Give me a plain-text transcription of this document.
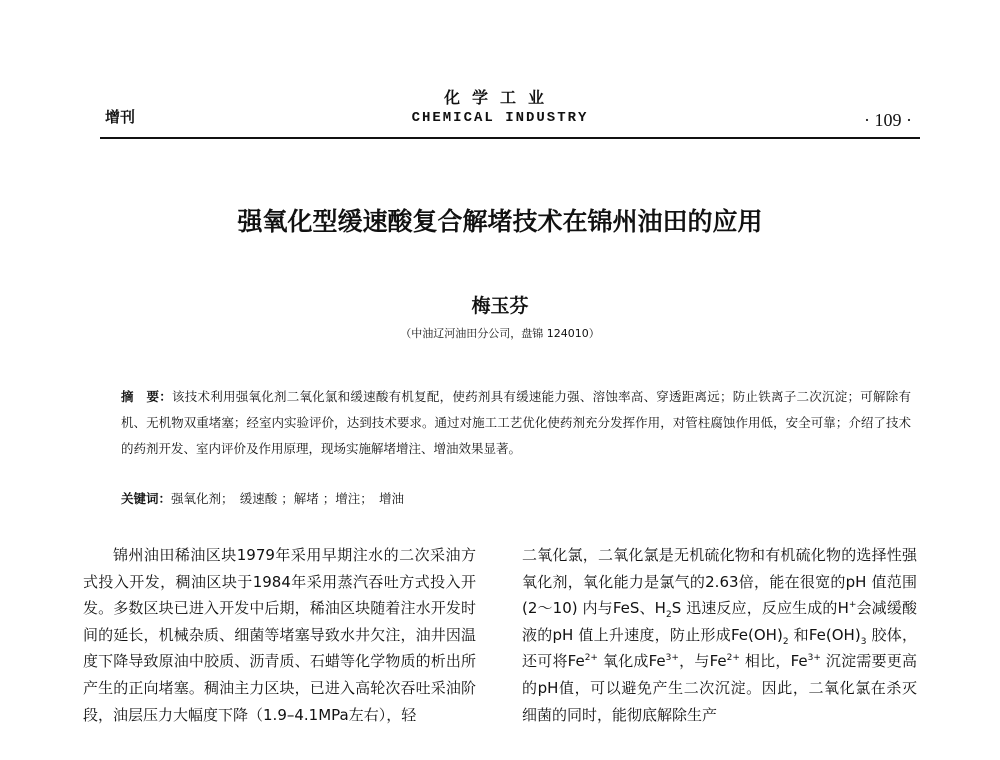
化学工业
增刊	CHEMICAL INDUSTRY	· 109 ·
强氧化型缓速酸复合解堵技术在锦州油田的应用
梅玉芬
（中油辽河油田分公司，盘锦 124010）
摘　要：该技术利用强氧化剂二氧化氯和缓速酸有机复配，使药剂具有缓速能力强、溶蚀率高、穿透距离远；防止铁离子二次沉淀；可解除有机、无机物双重堵塞；经室内实验评价，达到技术要求。通过对施工工艺优化使药剂充分发挥作用，对管柱腐蚀作用低，安全可靠；介绍了技术的药剂开发、室内评价及作用原理，现场实施解堵增注、增油效果显著。
关键词：强氧化剂；　缓速酸 ；解堵 ；增注；　增油

锦州油田稀油区块1979年采用早期注水的二次采油方式投入开发，稠油区块于1984年采用蒸汽吞吐方式投入开发。多数区块已进入开发中后期，稀油区块随着注水开发时间的延长，机械杂质、细菌等堵塞导致水井欠注，油井因温度下降导致原油中胶质、沥青质、石蜡等化学物质的析出所产生的正向堵塞。稠油主力区块，已进入高轮次吞吐采油阶段，油层压力大幅度下降（1.9–4.1MPa左右），轻

二氧化氯，二氧化氯是无机硫化物和有机硫化物的选择性强氧化剂，氧化能力是氯气的2.63倍，能在很宽的pH 值范围(2～10) 内与FeS、$H_2S$ 迅速反应，反应生成的H+会减缓酸液的pH 值上升速度，防止形成$Fe(OH)_2$ 和$Fe(OH)_3$ 胶体，还可将$Fe^{2+}$ 氧化成$Fe^{3+}$，与$Fe^{2+}$ 相比，$Fe^{3+}$ 沉淀需要更高的pH值，可以避免产生二次沉淀。因此，二氧化氯在杀灭细菌的同时，能彻底解除生产
